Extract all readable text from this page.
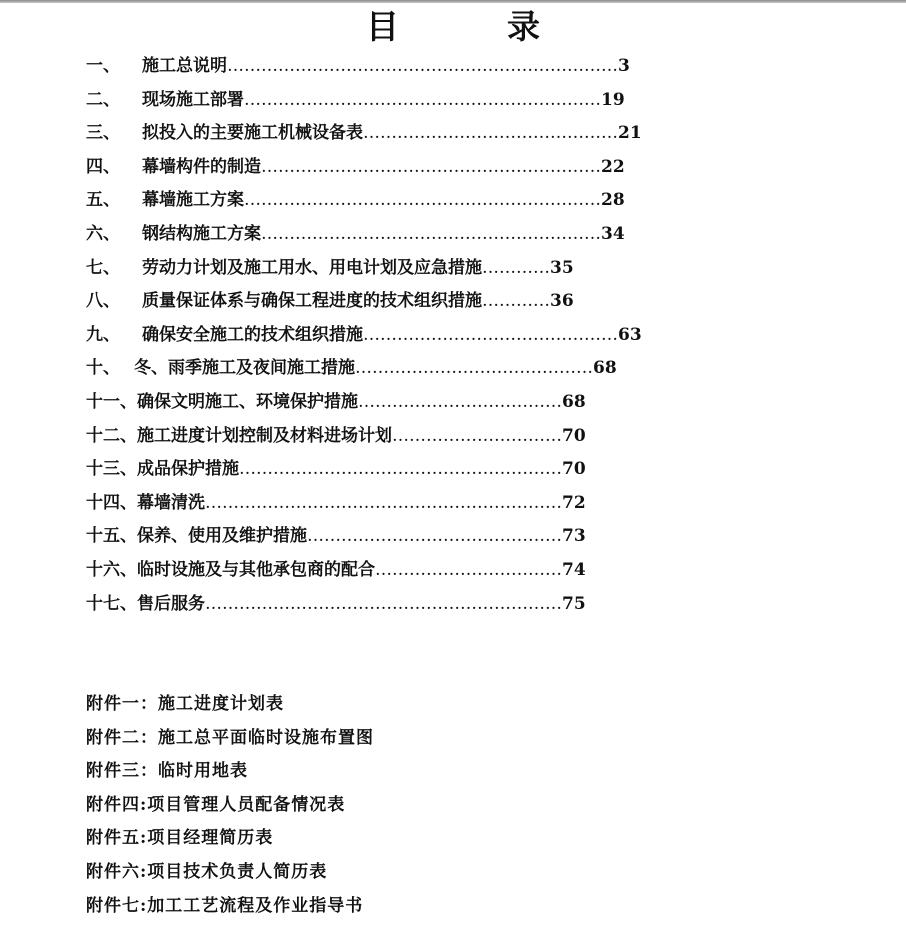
目	录
一、 施工总说明……………………………………………………………3
二、 现场施工部署………………………………………………………19
三、 拟投入的主要施工机械设备表………………………………………21
四、 幕墙构件的制造……………………………………………………22
五、 幕墙施工方案………………………………………………………28
六、 钢结构施工方案……………………………………………………34
七、 劳动力计划及施工用水、用电计划及应急措施…………35
八、 质量保证体系与确保工程进度的技术组织措施…………36
九、 确保安全施工的技术组织措施………………………………………63
十、 冬、雨季施工及夜间施工措施……………………………………68
十一、确保文明施工、环境保护措施………………………………68
十二、施工进度计划控制及材料进场计划…………………………70
十三、成品保护措施…………………………………………………70
十四、幕墙清洗………………………………………………………72
十五、保养、使用及维护措施………………………………………73
十六、临时设施及与其他承包商的配合……………………………74
十七、售后服务………………………………………………………75
附件一：施工进度计划表
附件二：施工总平面临时设施布置图
附件三：临时用地表
附件四:项目管理人员配备情况表
附件五:项目经理简历表
附件六:项目技术负责人简历表
附件七:加工工艺流程及作业指导书
